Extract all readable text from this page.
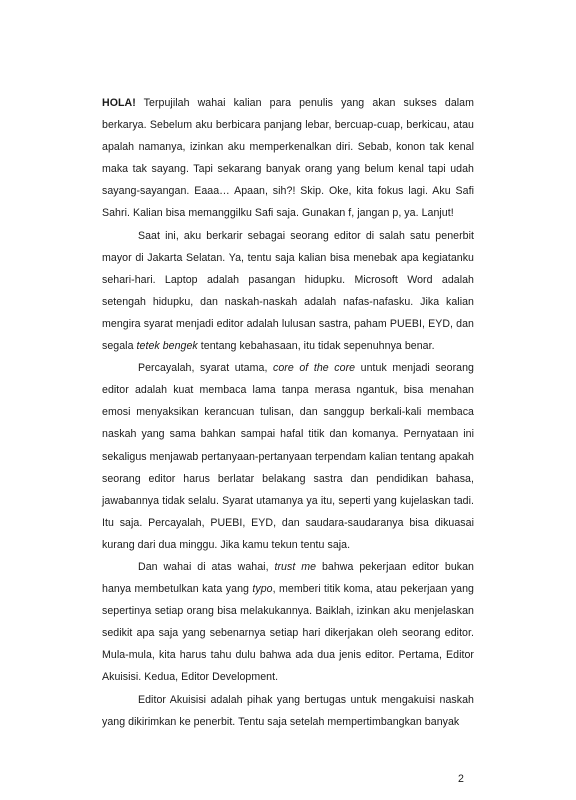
HOLA! Terpujilah wahai kalian para penulis yang akan sukses dalam berkarya. Sebelum aku berbicara panjang lebar, bercuap-cuap, berkicau, atau apalah namanya, izinkan aku memperkenalkan diri. Sebab, konon tak kenal maka tak sayang. Tapi sekarang banyak orang yang belum kenal tapi udah sayang-sayangan. Eaaa… Apaan, sih?! Skip. Oke, kita fokus lagi. Aku Safi Sahri. Kalian bisa memanggilku Safi saja. Gunakan f, jangan p, ya. Lanjut!

Saat ini, aku berkarir sebagai seorang editor di salah satu penerbit mayor di Jakarta Selatan. Ya, tentu saja kalian bisa menebak apa kegiatanku sehari-hari. Laptop adalah pasangan hidupku. Microsoft Word adalah setengah hidupku, dan naskah-naskah adalah nafas-nafasku. Jika kalian mengira syarat menjadi editor adalah lulusan sastra, paham PUEBI, EYD, dan segala tetek bengek tentang kebahasaan, itu tidak sepenuhnya benar.

Percayalah, syarat utama, core of the core untuk menjadi seorang editor adalah kuat membaca lama tanpa merasa ngantuk, bisa menahan emosi menyaksikan kerancuan tulisan, dan sanggup berkali-kali membaca naskah yang sama bahkan sampai hafal titik dan komanya. Pernyataan ini sekaligus menjawab pertanyaan-pertanyaan terpendam kalian tentang apakah seorang editor harus berlatar belakang sastra dan pendidikan bahasa, jawabannya tidak selalu. Syarat utamanya ya itu, seperti yang kujelaskan tadi. Itu saja. Percayalah, PUEBI, EYD, dan saudara-saudaranya bisa dikuasai kurang dari dua minggu. Jika kamu tekun tentu saja.

Dan wahai di atas wahai, trust me bahwa pekerjaan editor bukan hanya membetulkan kata yang typo, memberi titik koma, atau pekerjaan yang sepertinya setiap orang bisa melakukannya. Baiklah, izinkan aku menjelaskan sedikit apa saja yang sebenarnya setiap hari dikerjakan oleh seorang editor. Mula-mula, kita harus tahu dulu bahwa ada dua jenis editor. Pertama, Editor Akuisisi. Kedua, Editor Development.

Editor Akuisisi adalah pihak yang bertugas untuk mengakuisi naskah yang dikirimkan ke penerbit. Tentu saja setelah mempertimbangkan banyak

2
